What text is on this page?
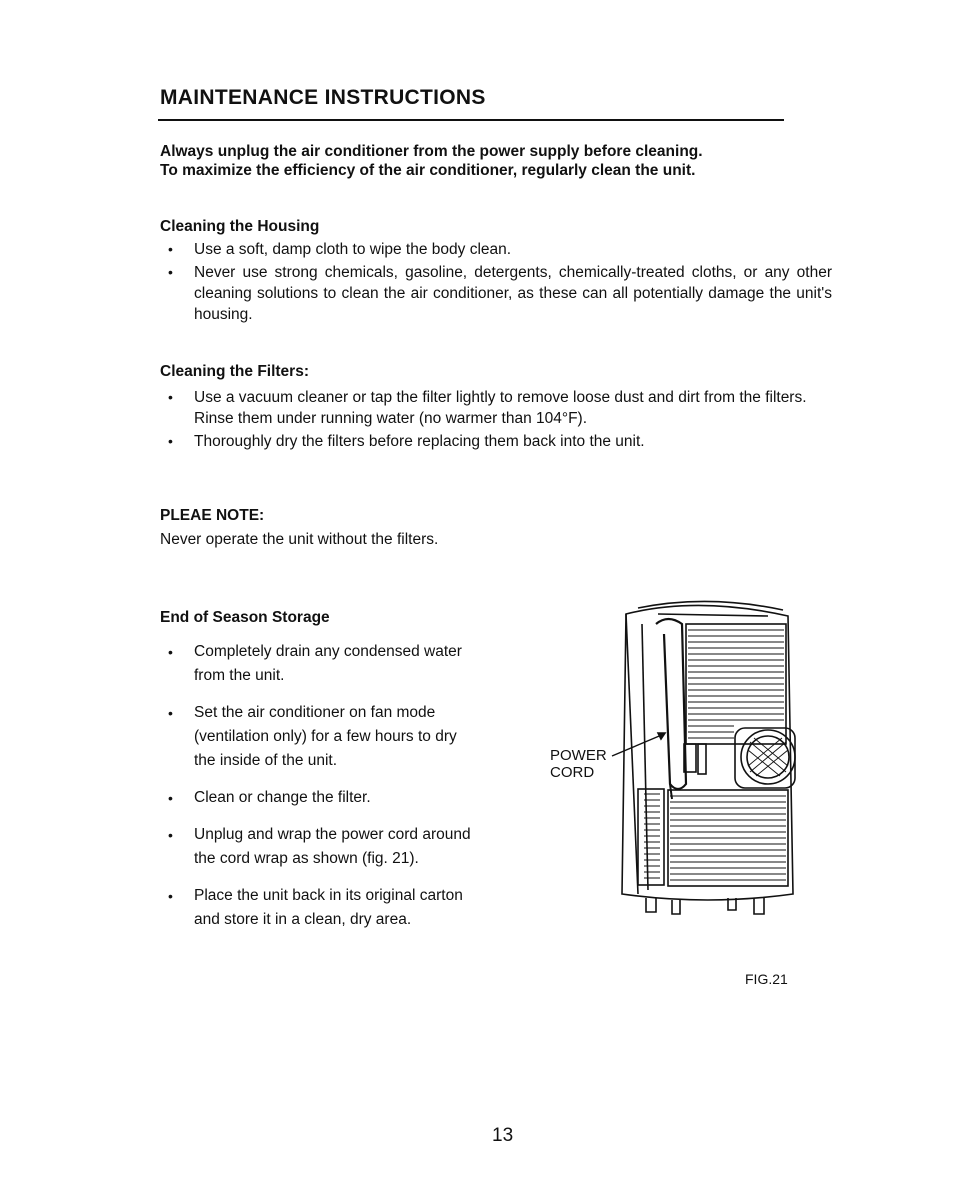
MAINTENANCE INSTRUCTIONS
Always unplug the air conditioner from the power supply before cleaning.
To maximize the efficiency of the air conditioner, regularly clean the unit.
Cleaning the Housing
• Use a soft, damp cloth to wipe the body clean.
• Never use strong chemicals, gasoline, detergents, chemically-treated cloths, or any other cleaning solutions to clean the air conditioner, as these can all potentially damage the unit's housing.
Cleaning the Filters:
• Use a vacuum cleaner or tap the filter lightly to remove loose dust and dirt from the filters. Rinse them under running water (no warmer than 104°F).
• Thoroughly dry the filters before replacing them back into the unit.
PLEAE NOTE:
Never operate the unit without the filters.
End of Season Storage
• Completely drain any condensed water from the unit.
• Set the air conditioner on fan mode (ventilation only) for a few hours to dry the inside of the unit.
• Clean or change the filter.
• Unplug and wrap the power cord around the cord wrap as shown (fig. 21).
• Place the unit back in its original carton and store it in a clean, dry area.
POWER
CORD
FIG.21
13
